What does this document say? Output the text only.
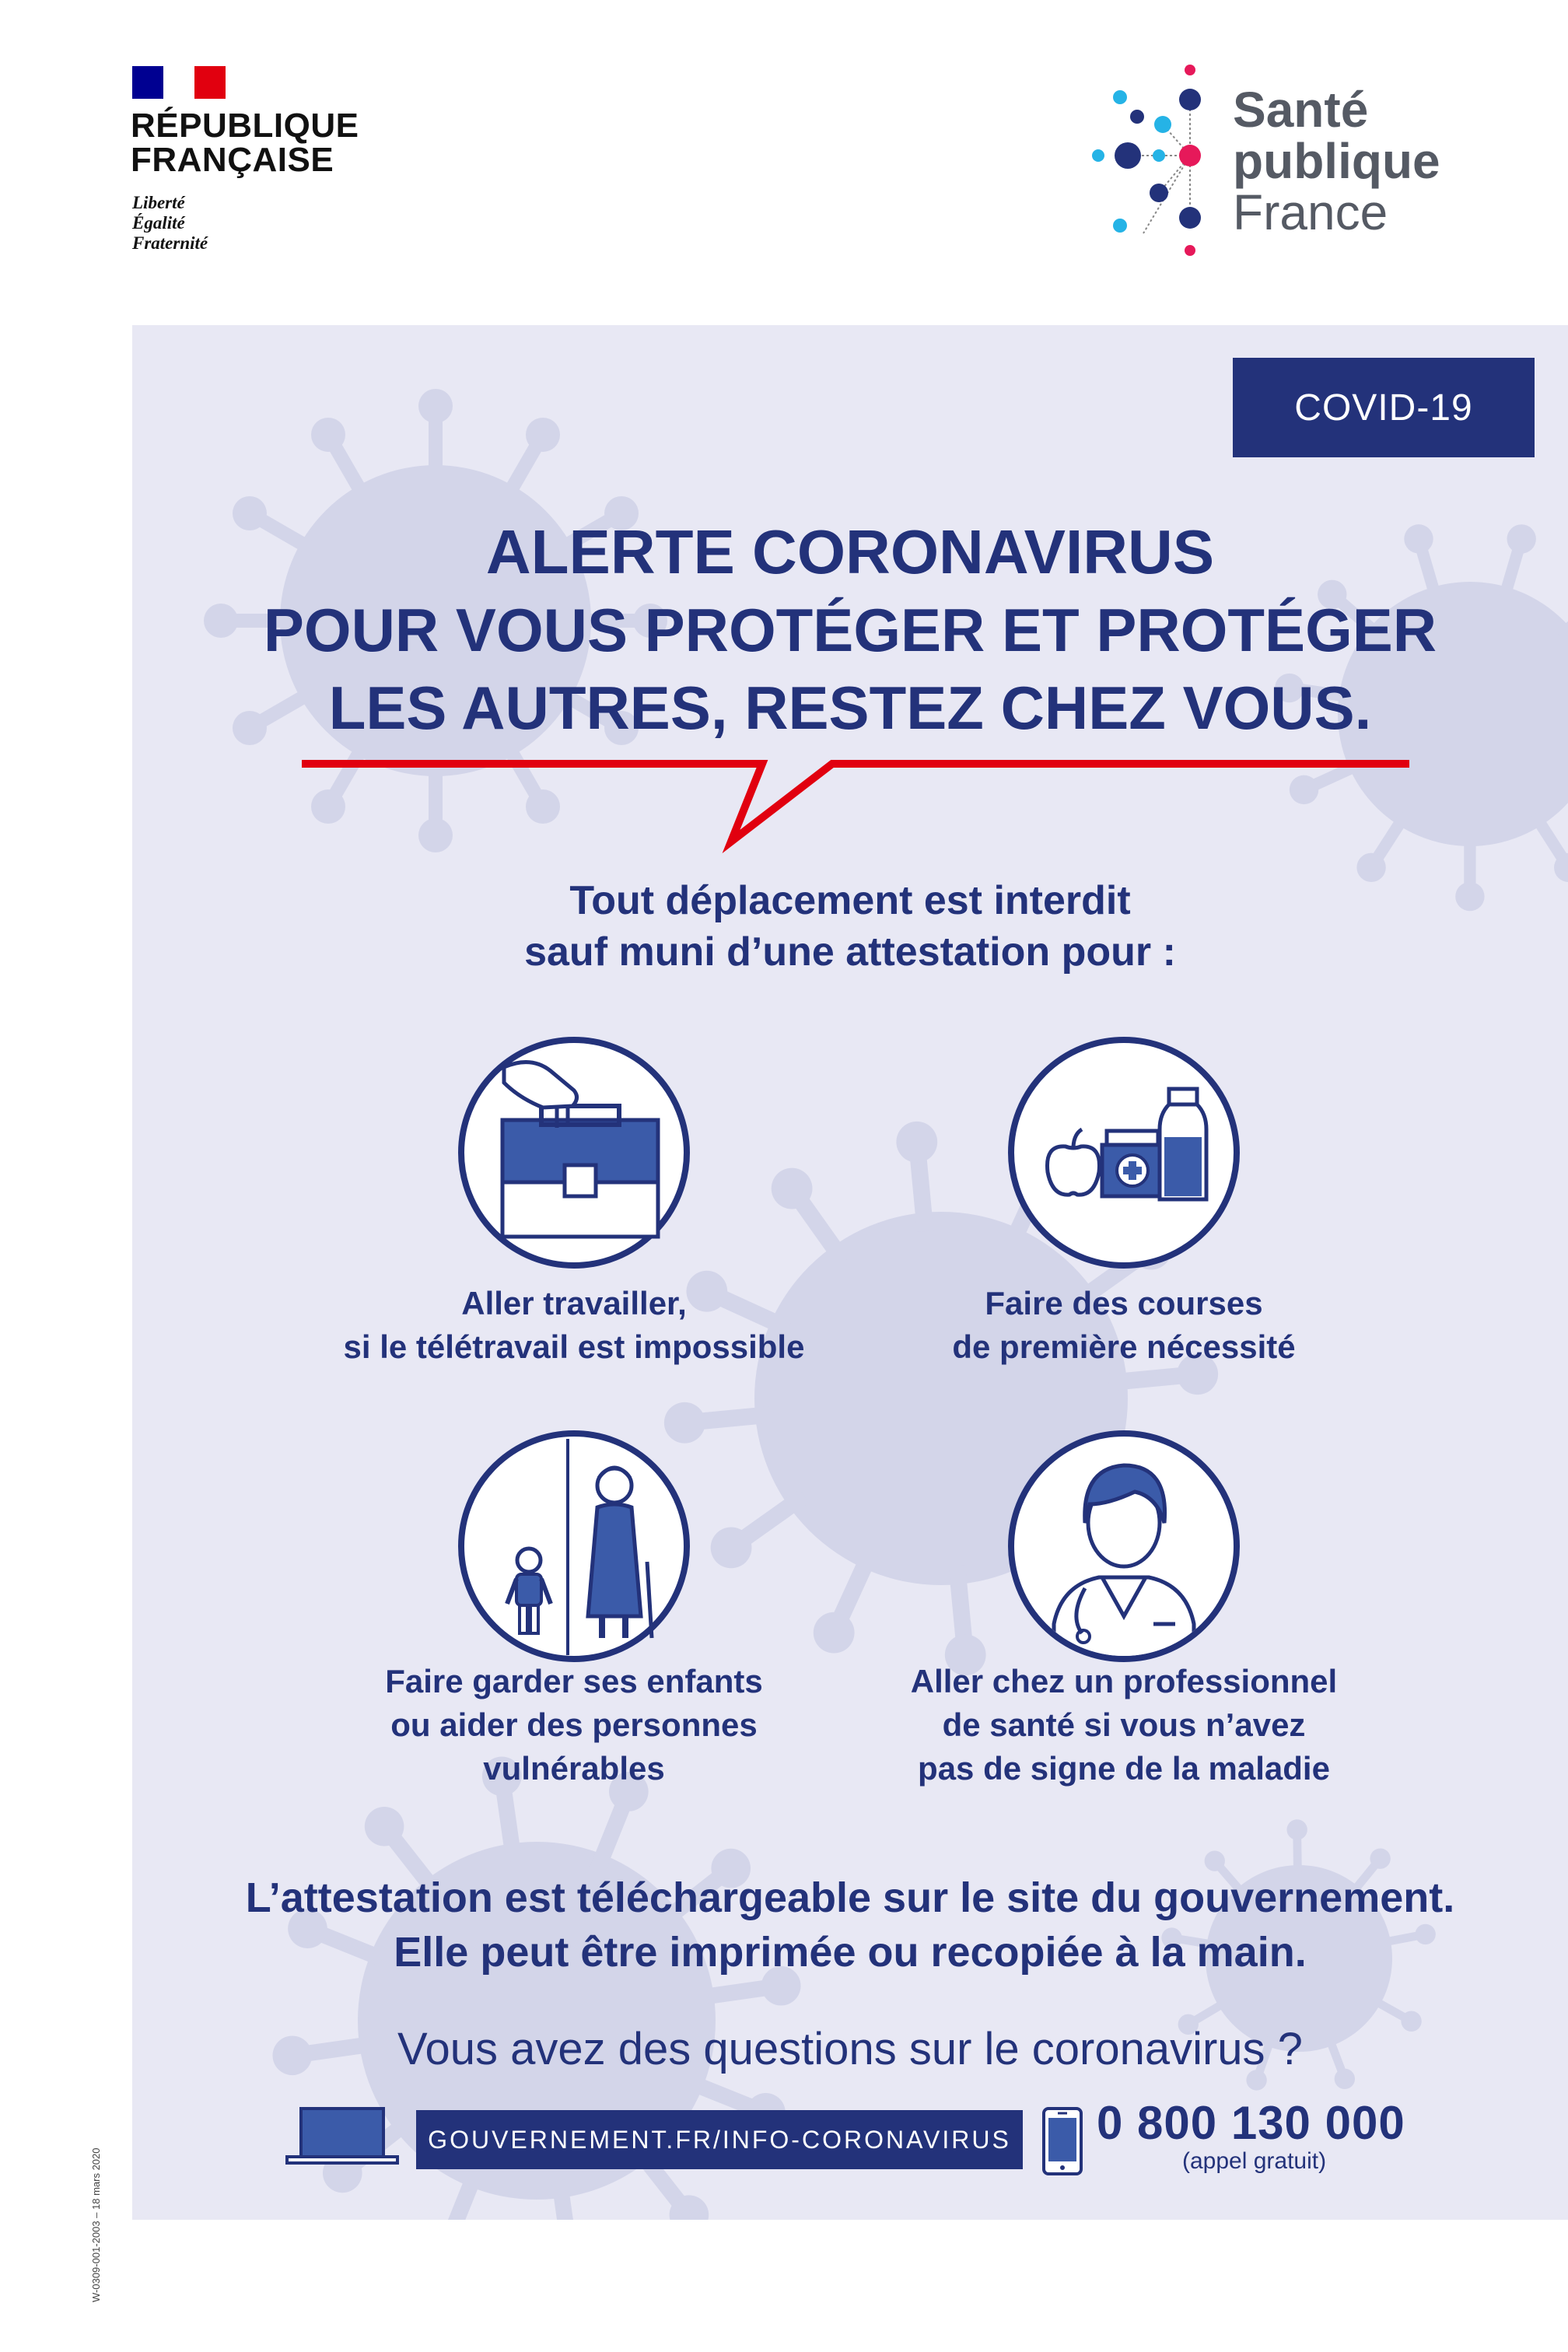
RÉPUBLIQUE
FRANÇAISE
Liberté
Égalité
Fraternité
Santé
publique
France
COVID-19
ALERTE CORONAVIRUS
POUR VOUS PROTÉGER ET PROTÉGER
LES AUTRES, RESTEZ CHEZ VOUS.
Tout déplacement est interdit
sauf muni d’une attestation pour :
Aller travailler,
si le télétravail est impossible
Faire des courses
de première nécessité
Faire garder ses enfants
ou aider des personnes
vulnérables
Aller chez un professionnel
de santé si vous n’avez
pas de signe de la maladie
L’attestation est téléchargeable sur le site du gouvernement.
Elle peut être imprimée ou recopiée à la main.
Vous avez des questions sur le coronavirus ?
GOUVERNEMENT.FR/INFO-CORONAVIRUS 0 800 130 000
(appel gratuit)
W-0309-001-2003 – 18 mars 2020
